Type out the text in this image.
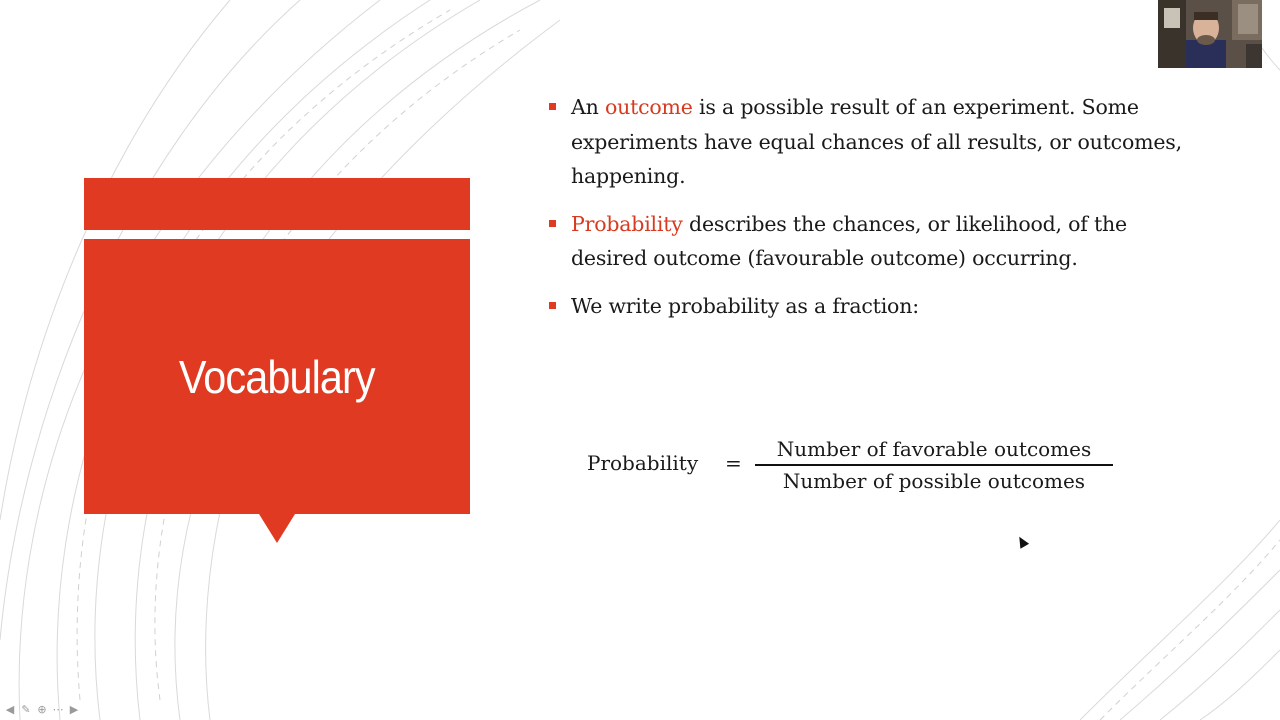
Vocabulary
An outcome is a possible result of an experiment. Some experiments have equal chances of all results, or outcomes, happening.
Probability describes the chances, or likelihood, of the desired outcome (favourable outcome) occurring.
We write probability as a fraction:
Probability =
Number of favorable outcomes
Number of possible outcomes
◀ ✎ ⊕ ⋯ ▶
